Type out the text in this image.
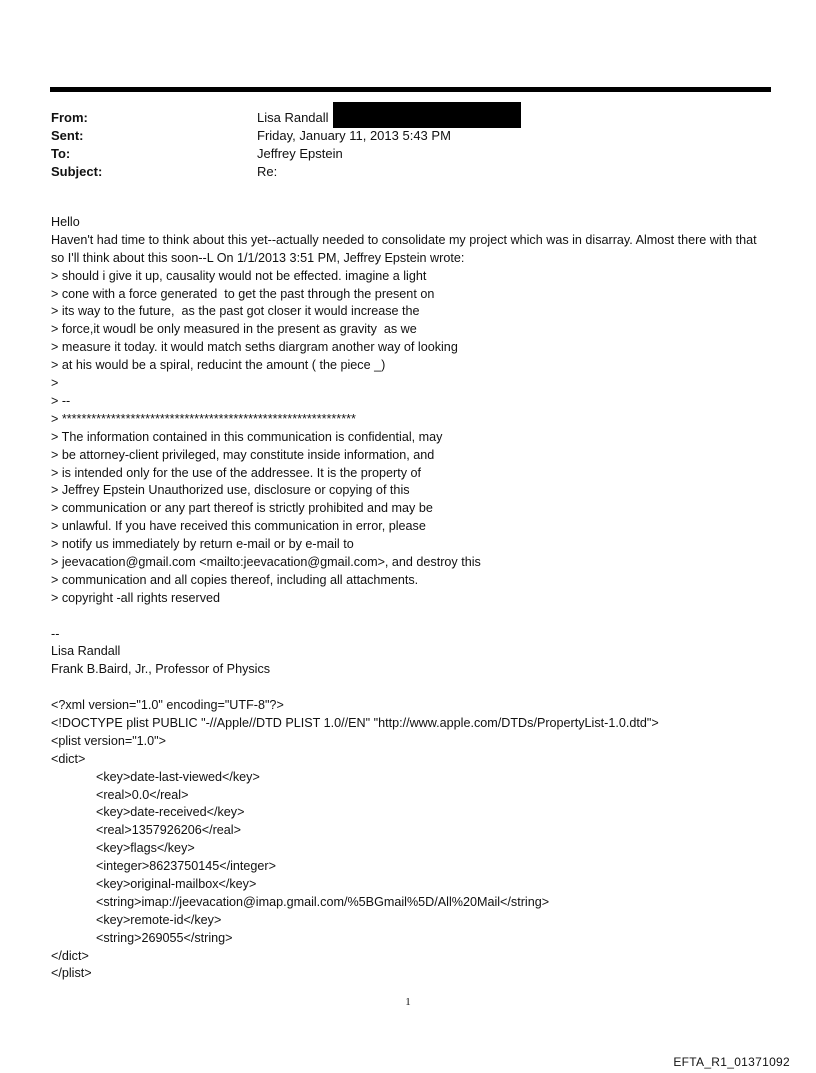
From:	Lisa Randall
Sent:	Friday, January 11, 2013 5:43 PM
To:	Jeffrey Epstein
Subject:	Re:
Hello
Haven't had time to think about this yet--actually needed to consolidate my project which was in disarray. Almost there with that so I'll think about this soon--L On 1/1/2013 3:51 PM, Jeffrey Epstein wrote:
> should i give it up, causality would not be effected. imagine a light
> cone with a force generated  to get the past through the present on
> its way to the future,  as the past got closer it would increase the
> force,it woudl be only measured in the present as gravity  as we
> measure it today. it would match seths diargram another way of looking
> at his would be a spiral, reducint the amount ( the piece _)
>
> --
> ************************************************************
> The information contained in this communication is confidential, may
> be attorney-client privileged, may constitute inside information, and
> is intended only for the use of the addressee. It is the property of
> Jeffrey Epstein Unauthorized use, disclosure or copying of this
> communication or any part thereof is strictly prohibited and may be
> unlawful. If you have received this communication in error, please
> notify us immediately by return e-mail or by e-mail to
> jeevacation@gmail.com <mailto:jeevacation@gmail.com>, and destroy this
> communication and all copies thereof, including all attachments.
> copyright -all rights reserved
--
Lisa Randall
Frank B.Baird, Jr., Professor of Physics
<?xml version="1.0" encoding="UTF-8"?>
<!DOCTYPE plist PUBLIC "-//Apple//DTD PLIST 1.0//EN" "http://www.apple.com/DTDs/PropertyList-1.0.dtd">
<plist version="1.0">
<dict>
<key>date-last-viewed</key>
<real>0.0</real>
<key>date-received</key>
<real>1357926206</real>
<key>flags</key>
<integer>8623750145</integer>
<key>original-mailbox</key>
<string>imap://jeevacation@imap.gmail.com/%5BGmail%5D/All%20Mail</string>
<key>remote-id</key>
<string>269055</string>
</dict>
</plist>
1
EFTA_R1_01371092
